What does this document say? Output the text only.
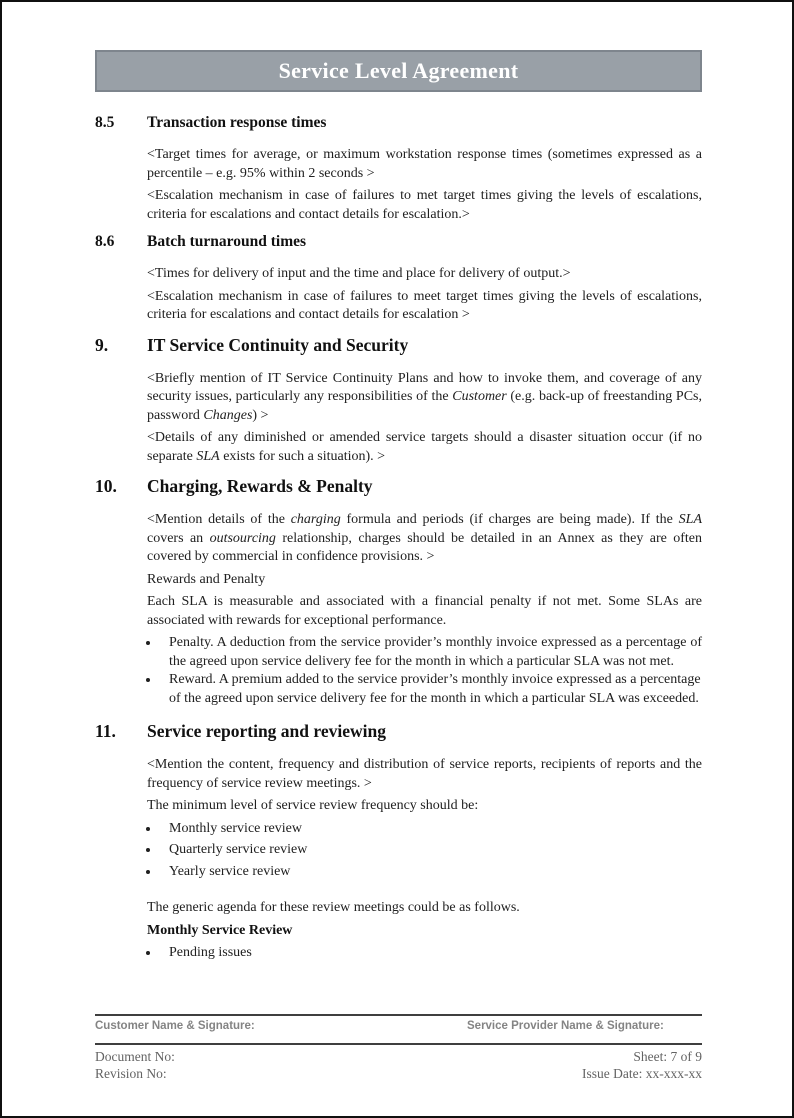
Service Level Agreement
8.5	Transaction response times

<Target times for average, or maximum workstation response times (sometimes expressed as a percentile – e.g. 95% within 2 seconds >

<Escalation mechanism in case of failures to met target times giving the levels of escalations, criteria for escalations and contact details for escalation.>

8.6	Batch turnaround times

<Times for delivery of input and the time and place for delivery of output.>

<Escalation mechanism in case of failures to meet target times giving the levels of escalations, criteria for escalations and contact details for escalation >

9.	IT Service Continuity and Security

<Briefly mention of IT Service Continuity Plans and how to invoke them, and coverage of any security issues, particularly any responsibilities of the Customer (e.g. back-up of freestanding PCs, password Changes) >

<Details of any diminished or amended service targets should a disaster situation occur (if no separate SLA exists for such a situation). >

10.	Charging, Rewards & Penalty

<Mention details of the charging formula and periods (if charges are being made). If the SLA covers an outsourcing relationship, charges should be detailed in an Annex as they are often covered by commercial in confidence provisions. >

Rewards and Penalty

Each SLA is measurable and associated with a financial penalty if not met. Some SLAs are associated with rewards for exceptional performance.

• Penalty. A deduction from the service provider’s monthly invoice expressed as a percentage of the agreed upon service delivery fee for the month in which a particular SLA was not met.
• Reward. A premium added to the service provider’s monthly invoice expressed as a percentage of the agreed upon service delivery fee for the month in which a particular SLA was exceeded.
11.	Service reporting and reviewing

<Mention the content, frequency and distribution of service reports, recipients of reports and the frequency of service review meetings. >

The minimum level of service review frequency should be:

• Monthly service review
• Quarterly service review
• Yearly service review

The generic agenda for these review meetings could be as follows.

Monthly Service Review

• Pending issues
Customer Name & Signature:	Service Provider Name & Signature:
Document No:
Revision No:
Sheet: 7 of 9
Issue Date: xx-xxx-xx
